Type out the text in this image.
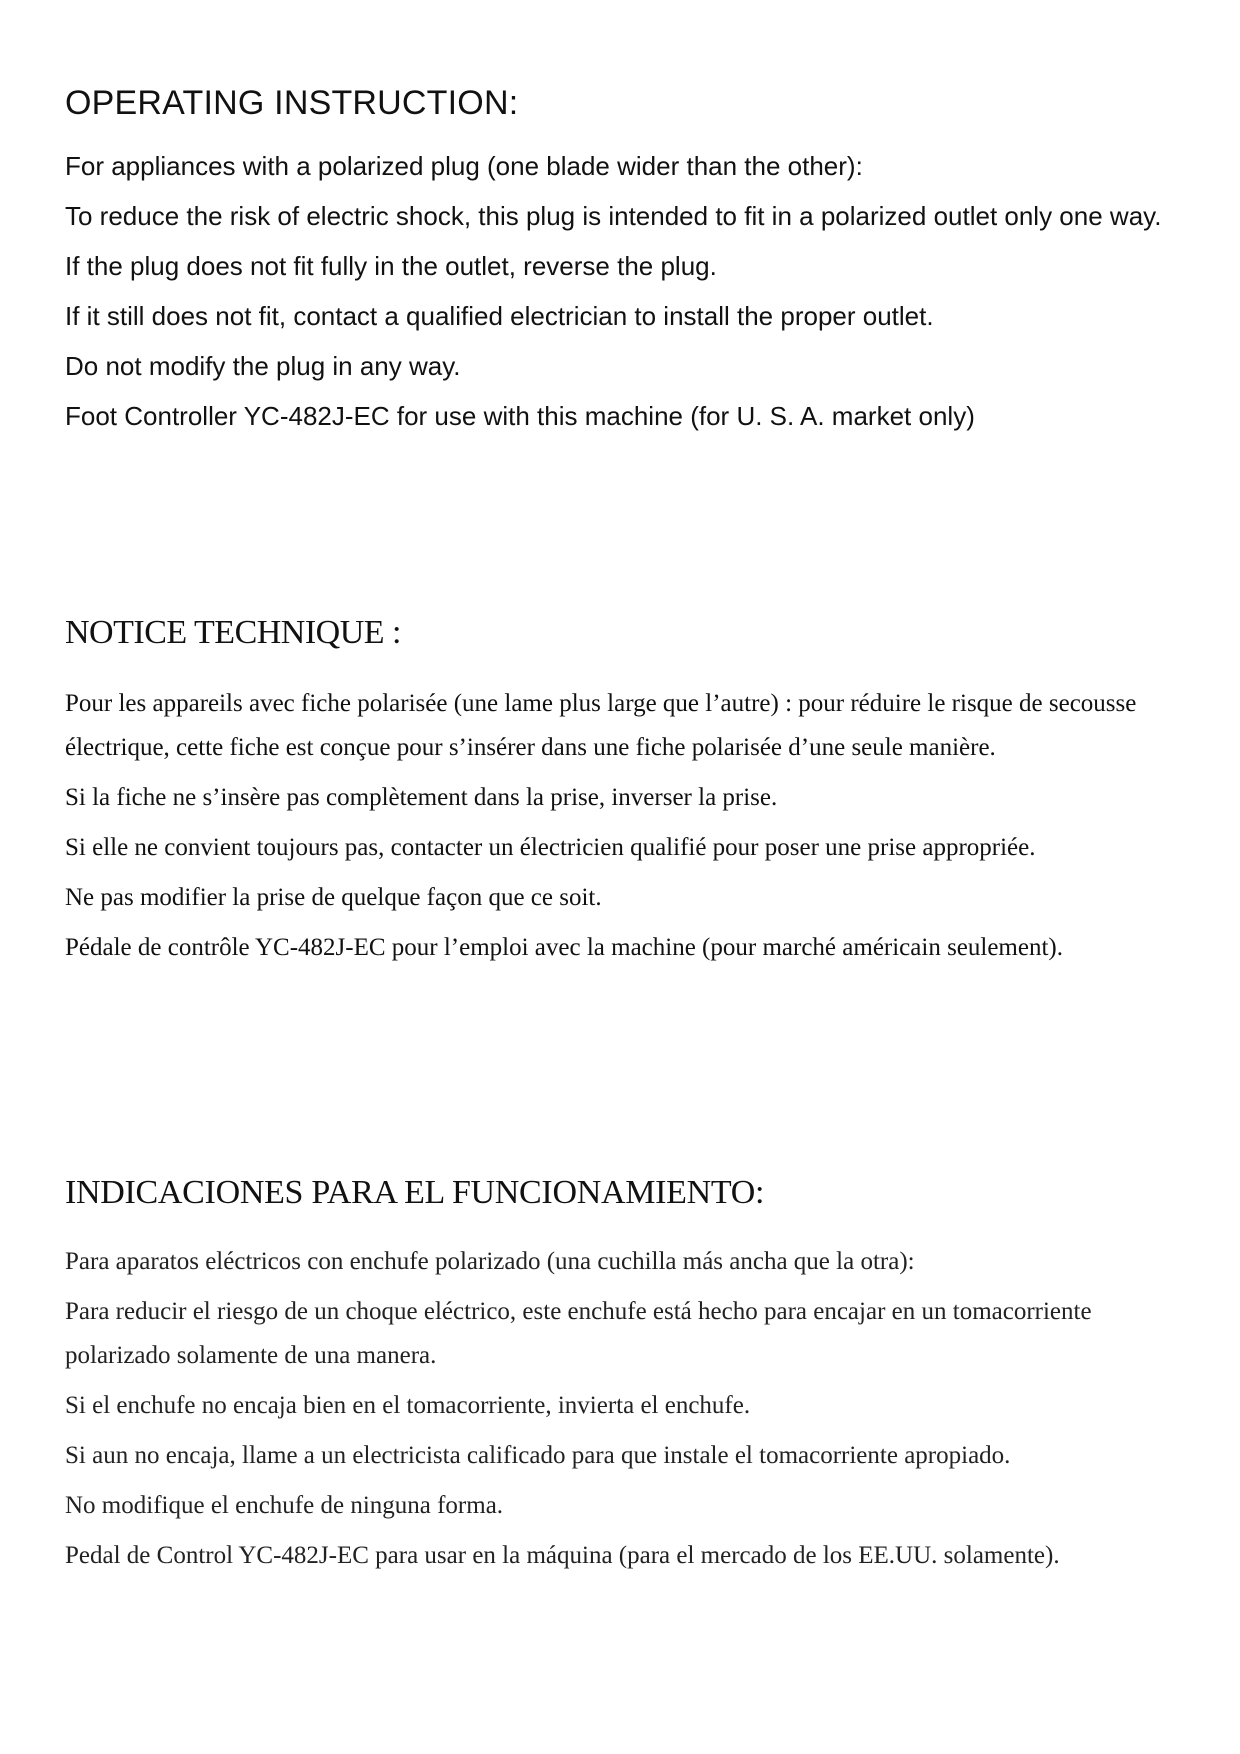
OPERATING INSTRUCTION:

For appliances with a polarized plug (one blade wider than the other):

To reduce the risk of electric shock, this plug is intended to fit in a polarized outlet only one way.

If the plug does not fit fully in the outlet, reverse the plug.

If it still does not fit, contact a qualified electrician to install the proper outlet.

Do not modify the plug in any way.

Foot Controller YC-482J-EC for use with this machine (for U. S. A. market only)

NOTICE TECHNIQUE :

Pour les appareils avec fiche polarisée (une lame plus large que l’autre) : pour réduire le risque de secousse électrique, cette fiche est conçue pour s’insérer dans une fiche polarisée d’une seule manière.

Si la fiche ne s’insère pas complètement dans la prise, inverser la prise.

Si elle ne convient toujours pas, contacter un électricien qualifié pour poser une prise appropriée.

Ne pas modifier la prise de quelque façon que ce soit.

Pédale de contrôle YC-482J-EC pour l’emploi avec la machine (pour marché américain seulement).

INDICACIONES PARA EL FUNCIONAMIENTO:

Para aparatos eléctricos con enchufe polarizado (una cuchilla más ancha que la otra):

Para reducir el riesgo de un choque eléctrico, este enchufe está hecho para encajar en un tomacorriente polarizado solamente de una manera.

Si el enchufe no encaja bien en el tomacorriente, invierta el enchufe.

Si aun no encaja, llame a un electricista calificado para que instale el tomacorriente apropiado.

No modifique el enchufe de ninguna forma.

Pedal de Control YC-482J-EC para usar en la máquina (para el mercado de los EE.UU. solamente).
